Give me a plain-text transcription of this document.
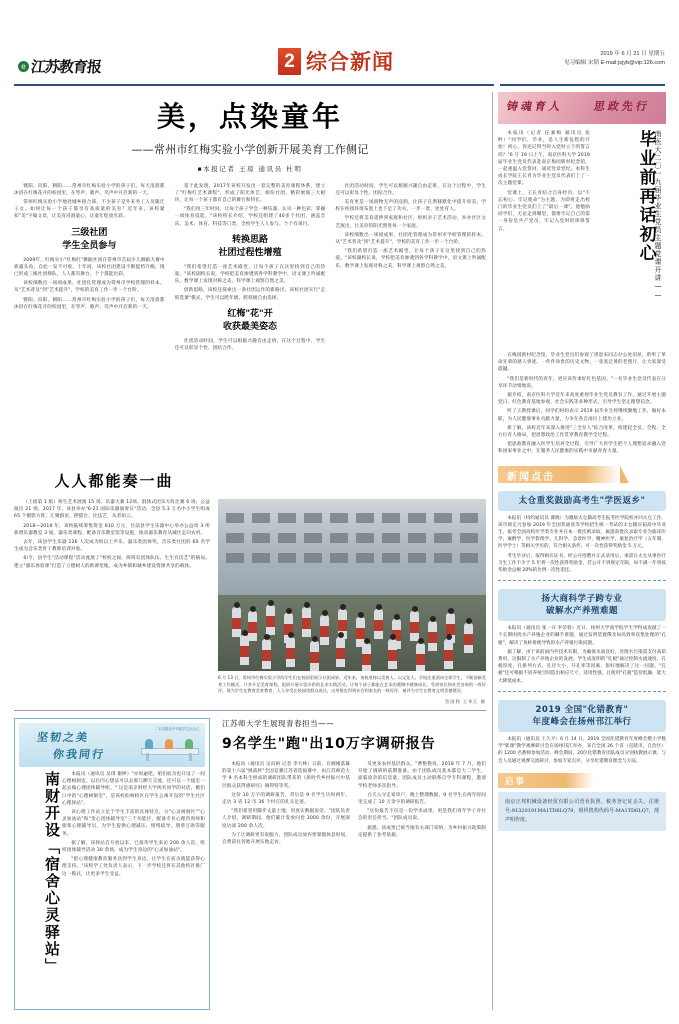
e 江苏教育报	2 综合新闻	2019 年 6 月 21 日 星期五
见习编辑 宋韬 E-mail:jsjyb@vip.126.com
美，点染童年
——常州市红梅实验小学创新开展美育工作侧记
■本报记者 王琼 通讯员 杜明

暨阳、向阳、朝阳……常州市红梅实验小学的孩子们，每天清晨都沐浴在红梅花开的校园里，在琴声、歌声、笑声中开启新的一天。

常州红梅实验小学地处城乡接合部，不少孩子是外来务工人员随迁子女。如何让每一个孩子都享有高质量的美育？近年来，该校紧扣"美"字做文章，让美育浸润童心，让童年绽放光彩。

三级社团
学生全员参与

2009年，红梅实小"红梅红"舞蹈社团在常州市首届少儿舞蹈大赛中崭露头角，自此一发不可收。十年间，该校社团建设不断提档升级，现已形成三级社团梯队，人人都有舞台、个个都能出彩。

该校细数出一项项成果，社团化管理成为常州市学校管理的样本。从"艺术普及"到"艺术提升"，学校的美育工作一步一个台阶。

暨阳、向阳、朝阳……常州市红梅实验小学的孩子们，每天清晨都沐浴在红梅花开的校园里，在琴声、歌声、笑声中开启新的一天。

基于此发现，2017年该校开发出一套完整的美育课程体系，建立了"红梅红艺术课程"，形成了阳光体艺、缤纷社团、精彩展演三大板块，让每一个孩子都有自己的舞台和特长。

"我们用三年时间，让每个孩子学会一种乐器，认识一种色彩，掌握一项体育技能。"该校校长介绍，学校还组建了40多个社团，涵盖音乐、美术、体育、科技等门类，全校学生人人参与、个个有项目。

转换思路
社团过程性增殖

"我们希望打造一座艺术殿堂，让每个孩子在这里找到自己的热爱。"该校副校长说，学校把美育渗透到各学科教学中，语文课上吟诵配乐，数学课上发现对称之美，科学课上观察自然之美。

创新思路，该校还探索出一条社团运作的新路径。该校社团实行"走班选课"模式，学生可以跨年级、跨班级自由选择。

红梅"花"开
收获最美姿态

社团活动时间，学生可以根据兴趣自由走班，在这个过程中，学生还可以彰显个性、团结合作。

社团活动时间，学生可以根据兴趣自由走班，在这个过程中，学生还可以彰显个性、团结合作。

美育更是一场润物无声的浸润，让孩子在潜移默化中提升审美。学校在校园环境布置上也下足了功夫，一步一景，处处育人。

学校还将美育延伸到家庭和社区，组织亲子艺术活动，举办社区文艺演出，让美育的阳光照进每一个家庭。

该校细数出一项项成果，社团化管理成为常州市学校管理的样本。从"艺术普及"到"艺术提升"，学校的美育工作一步一个台阶。

"我们希望打造一座艺术殿堂，让每个孩子在这里找到自己的热爱。"该校副校长说，学校把美育渗透到各学科教学中，语文课上吟诵配乐，数学课上发现对称之美，科学课上观察自然之美。

人人都能奏一曲

（上接第 1 版）师生艺术展演 15 场、乐器大赛 12场、群体式团乐方阵比赛 6 场、公益演出 21 场，2017 年，该县举办"6·21 国际乐器演奏日"活动，全县 5.3 万名中小学生组成 65 个摄影方阵，汇聚群星、摆擂台、比技艺，从者如云。

2018—2019 年，该校陆续筹集资金 910 万元，目前县学生乐器中心举办公益周 3 所新增乐器教室 3 间，器乐类课程、配备音乐教室馆等设施，推动器乐教育从城区走向农村。

去年，该县学生乐器 126 人次成为组以上声乐、器乐类团体奖，音乐类社团的 60 名学生成为音乐类骨干教师培训对象。

如今，县学生"活动课程"活动流展了"校校之间、班班有团体队伍、生生有技艺"的格局。建立"器乐体验课"打造了立德树人的新课堂地，成为乡镇和城乡建设资源共享的载体。

6 月 13 日，常州市红梅实验小学的学生们在校园里展示社团成果。近年来，该校坚持以美育人、以文化人，学校注重面向全体学生，不断创新美育工作模式，开齐开足美育课程，组织开展丰富多彩的艺术实践活动，让每个孩子都能在艺术的熏陶中健康成长，受到家长和社会各界的一致好评，现为学生在教育美育教育，人人享受在校园里群众成长，这举措也得到社会和家长的一致好评，被评为学生在教育文明美德建设。
蔡国利 王华江 摄
坚韧之美
你我同行
二本高级高中年级学生社会心
南财开设「宿舍心灵驿站」	本报讯（通讯员 吴琪 谢婷）"亦如逾吧，咱们宿舍也开设了一间心理树洞室，以后内心想法可以去那儿聊天交流，还可以一个寝室一起去做心理团体辅导呢。" 这是南京财经大学两名同学的对话，她们口中的"心理树洞室"，是该校仙林校区在学生公寓开设的"学生社区心理驿站"。

该心理工作站立足于学生丰富的具体特点，分"心灵树洞区""心灵加油站"和"金心团体辅导室"三个功能区，配备专业心理咨询师和朋辈心理辅导员，为学生提供心理减压、情绪疏导、朋辈互助等服务。

据了解，该驿站自开放以来，已接待学生来访 200 余人次，组织团体辅导活动 30 余场，成为学生身边的"心灵加油站"。

"把心理健康教育服务送到学生身边，让学生在宿舍就能获得心理支持。"该校学工处负责人表示，下一步学校还将在其他校区推广这一模式，让更多学生受益。

江苏师大学生展现青春担当——
9名学生"跑"出10万字调研报告

本报讯（通讯员 吴向裕 记者 李大林）日前，在刚刚落幕的第十六届"挑战杯"全国竞赛江苏省选拔赛中，由江苏师范大学 9 名本科生组成的调研团队带来的《新时代乡村振兴中基层群众获得感研究》摘得特等奖。

这份 10 万字的调研报告，背后是 9 名学生历时两年、走访 3 省 12 市 36 个村庄的扎实足迹。

"我们希望用脚步丈量土地，用真实数据说话。"团队负责人介绍，调研期间，他们累计发放问卷 3000 余份，开展深度访谈 200 余人次。

为了让调研更有说服力，团队成员放弃寒暑假休息时间，自费前往各地开展实地走访。

及更多农村基层群众。"曹艳艳说，2018 年 7 月，他们开始了调研的前期准备。由于团队成员基本都是大二学生，面临庞杂的信息量，团队成员主动联系自学专科课程，邀请学校老师多次指导。

白天入寻走家串户，晚上整理数据，9 名学生在两年时间里完成了 10 万余字的调研报告。

"这份报告不仅是一份学术成果，更是我们青年学子对社会的责任担当。"团队成员说。

据悉，该成果已被当地有关部门采纳，为乡村振兴政策制定提供了参考依据。

铸魂育人	思政先行

本报讯（记者 任素梅 通讯员 张鲆）"同学们，毕业，是人生新征程的开始！初心，你还记得当时入党时立下的誓言吗？"6 月 19 日上午，南京医科大学 2019 届毕业生党员代表赴南京梅园新村纪念馆，一起重温入党誓词，诵读党章党纪。本科生成长学院王长青为毕业生党员代表们上了一次主题党课。

党课上，王长青结合自身经历，以"不忘初心、牢记使命"为主题，为即将走出校门的毕业生党员们上了"最后一课"。他勉励同学们，无论走到哪里，都要牢记自己的第一身份是共产党员，牢记入党时的铮铮誓言。	南医大二〇一九届毕业生党员主题党课开讲——
毕业前再话初心

在梅园新村纪念馆，毕业生党员们参观了周恩来同志办公处旧址，聆听了革命先辈的感人事迹。一件件珍贵的历史文物、一张张泛黄的老照片，让大家深受震撼。

"我们是新时代的青年，更应该传承好红色基因。"一名毕业生党员代表在分享环节动情地说。

据介绍，南京医科大学近年来高度重视毕业生党员教育工作，通过开展主题党日、红色教育基地参观、社会实践等多种形式，引导学生坚定理想信念。

听了王教授课后，同学们纷纷表示 2019 届毕业生将继续勤勉工作，做好本职，为人民健康事业贡献力量，力争在各自岗位上建功立业。

新了解，该校近年来深入推进"三全育人"综合改革，构建起全员、全程、全方位育人格局，把思想政治工作贯穿教育教学全过程。

把思政教育融入医学生培养全过程，引导广大医学生把个人理想追求融入党和国家事业之中，在服务人民健康的实践中贡献青春力量。

新闻点击
太仓重奖鼓励高考生"学医返乡"

本报讯（特约通讯员 赛晓）为激励太仓籍高考生报考医学院校并回太仓工作，该市规定凡参加 2019 年全国普通高等学校招生统一考试的太仓籍应届高中毕业生，报考全国高校医学类专业并在本一批次被录取，属提前批次录取专业为临床医学、麻醉学、医学影像学、儿科学、急诊医学、精神医学、康复治疗学（五年制、医学学士）等相关学历的，符合相关条件，可一次性获得奖励金 5 万元。

考生毕业后，取得相应证书，经公开招聘并正式录用后，承诺在太仓从事医疗卫生工作不少于 5 年将一次性获得奖励金，若公开不到规定年限，每不满一年将按奖励金总额 20%的比例一次性追还。

扬大商科学子跨专业
破解水产养殖难题

本报讯（通讯员 张一卉 李荣蓉）近日，扬州大学商学院学生学得成攻破了一个长期困扰水产养殖企业的棘手难题，通过发明装置俄及如高效率次集处理的"孔板"，解决了鱼虾排便导致的水产养殖污染问题。

据了解，由于该前国内外技术有限，为确保水质良好，处理水污染需支付高昂费用，这限制了水产养殖企业的发展。学生成发明的"孔板"通过控制水流速度、孔板厚度、孔排列方式、孔径大小、开孔率等因素，很好地解决了这一问题。"孔板"还可根据不同养殖空间造出相应尺寸，适用性强，且使用"孔板"造价低廉，能大大降低成本。

2019 全国"化错教育"
年度峰会在扬州邗江举行

本报讯（通讯员 王久平）6 月 14 日，2019 全国化错教育年度峰会暨小学数学"新课"教学观摩研讨会在扬州邗江举办，来自全国 26 个省（直辖市、自治区）的 1200 名教师参加活动。峰会期间，20位化错教育团队成员分别执教展示课，与会人员通过观摩交流研讨，参加专家点评，分享化错教育理念与方法。

启事
南京正邦机械设备经贸有限公司营业执照、税务登记证丢失，注册号:91320191MA1TD6LQ79，组织机构代码号:MA1TD6LQ7，现声明作废。
